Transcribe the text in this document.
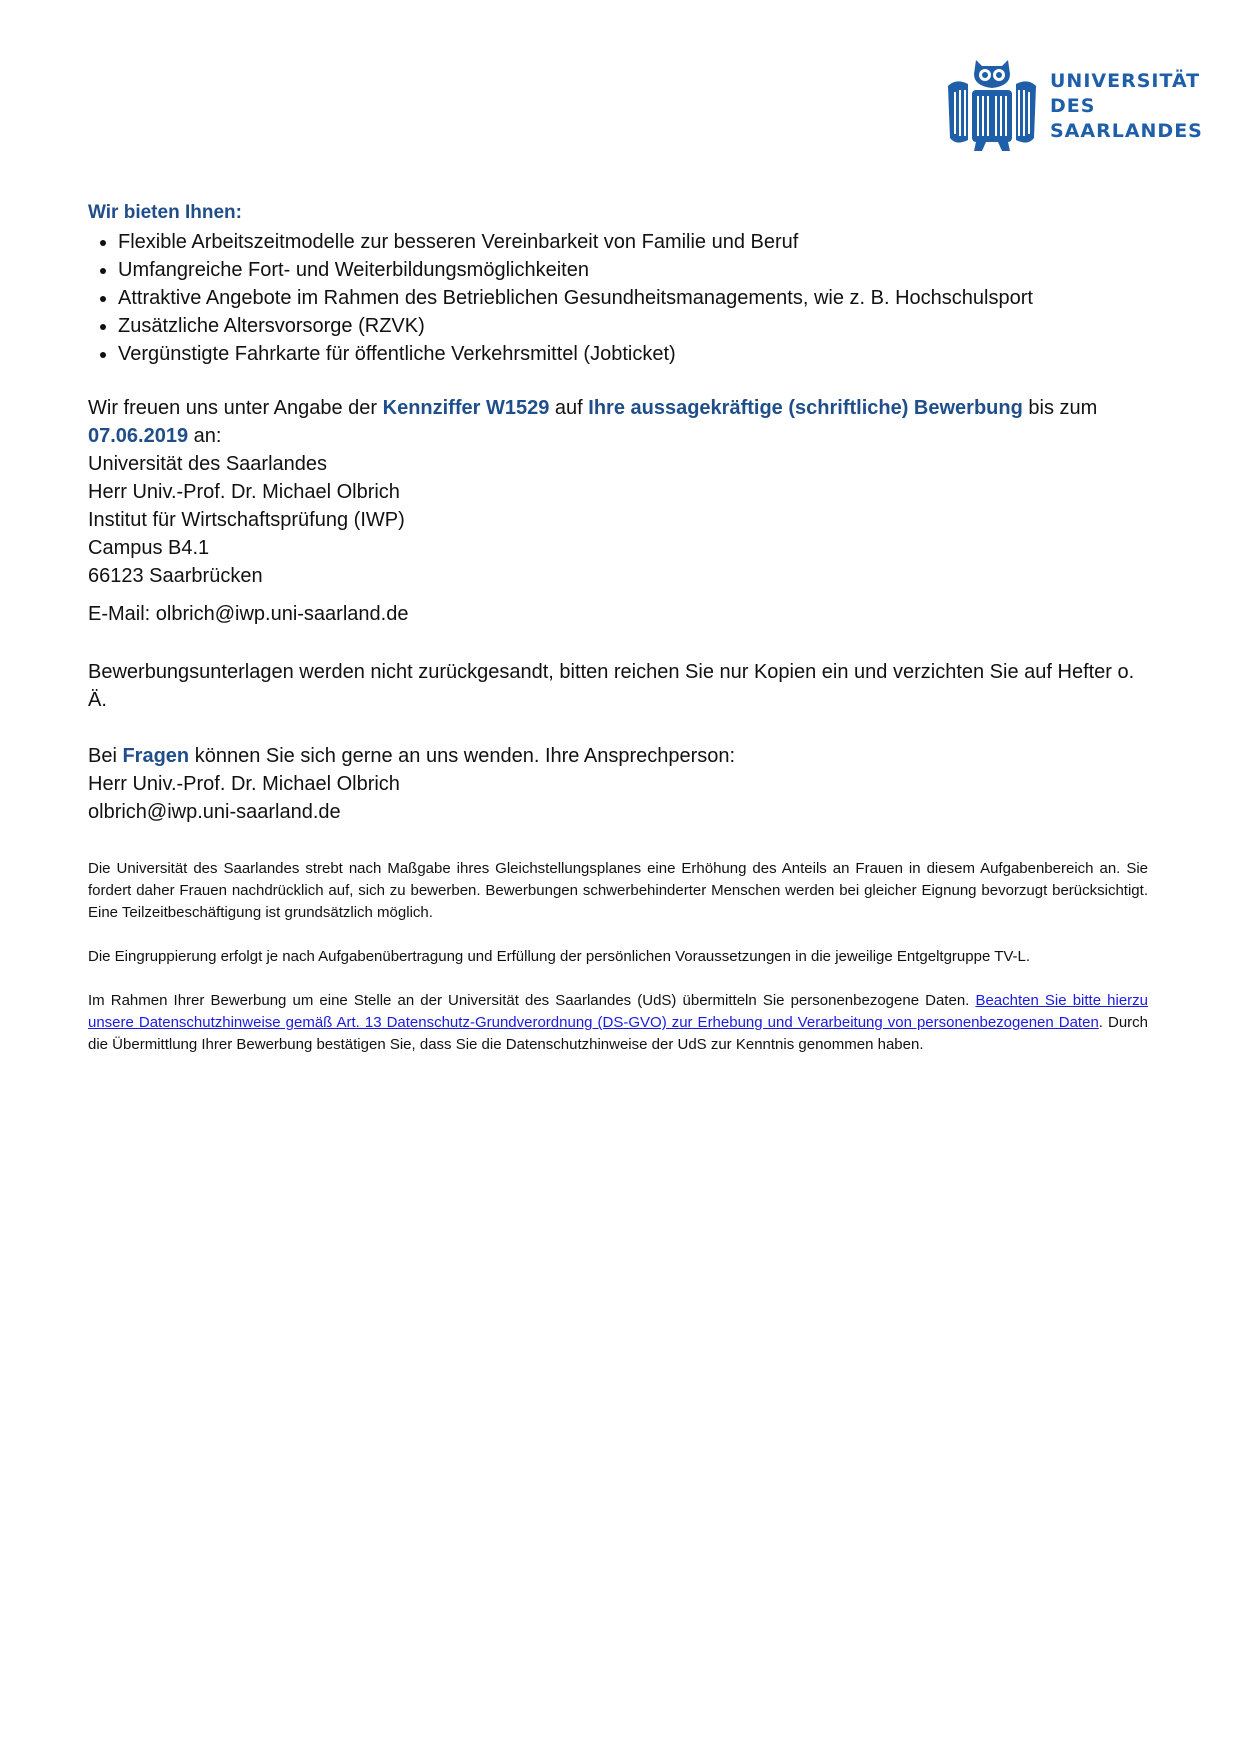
UNIVERSITÄT
DES
SAARLANDES
Wir bieten Ihnen:
• Flexible Arbeitszeitmodelle zur besseren Vereinbarkeit von Familie und Beruf
• Umfangreiche Fort- und Weiterbildungsmöglichkeiten
• Attraktive Angebote im Rahmen des Betrieblichen Gesundheitsmanagements, wie z. B. Hochschulsport
• Zusätzliche Altersvorsorge (RZVK)
• Vergünstigte Fahrkarte für öffentliche Verkehrsmittel (Jobticket)
Wir freuen uns unter Angabe der Kennziffer W1529 auf Ihre aussagekräftige (schriftliche) Bewerbung bis zum 07.06.2019 an:
Universität des Saarlandes
Herr Univ.-Prof. Dr. Michael Olbrich
Institut für Wirtschaftsprüfung (IWP)
Campus B4.1
66123 Saarbrücken
E-Mail: olbrich@iwp.uni-saarland.de
Bewerbungsunterlagen werden nicht zurückgesandt, bitten reichen Sie nur Kopien ein und verzichten Sie auf Hefter o. Ä.
Bei Fragen können Sie sich gerne an uns wenden. Ihre Ansprechperson:
Herr Univ.-Prof. Dr. Michael Olbrich
olbrich@iwp.uni-saarland.de
Die Universität des Saarlandes strebt nach Maßgabe ihres Gleichstellungsplanes eine Erhöhung des Anteils an Frauen in diesem Aufgabenbereich an. Sie fordert daher Frauen nachdrücklich auf, sich zu bewerben. Bewerbungen schwerbehinderter Menschen werden bei gleicher Eignung bevorzugt berücksichtigt. Eine Teilzeitbeschäftigung ist grundsätzlich möglich.
Die Eingruppierung erfolgt je nach Aufgabenübertragung und Erfüllung der persönlichen Voraussetzungen in die jeweilige Entgeltgruppe TV-L.
Im Rahmen Ihrer Bewerbung um eine Stelle an der Universität des Saarlandes (UdS) übermitteln Sie personenbezogene Daten. Beachten Sie bitte hierzu unsere Datenschutzhinweise gemäß Art. 13 Datenschutz-Grundverordnung (DS-GVO) zur Erhebung und Verarbeitung von personenbezogenen Daten. Durch die Übermittlung Ihrer Bewerbung bestätigen Sie, dass Sie die Datenschutzhinweise der UdS zur Kenntnis genommen haben.
